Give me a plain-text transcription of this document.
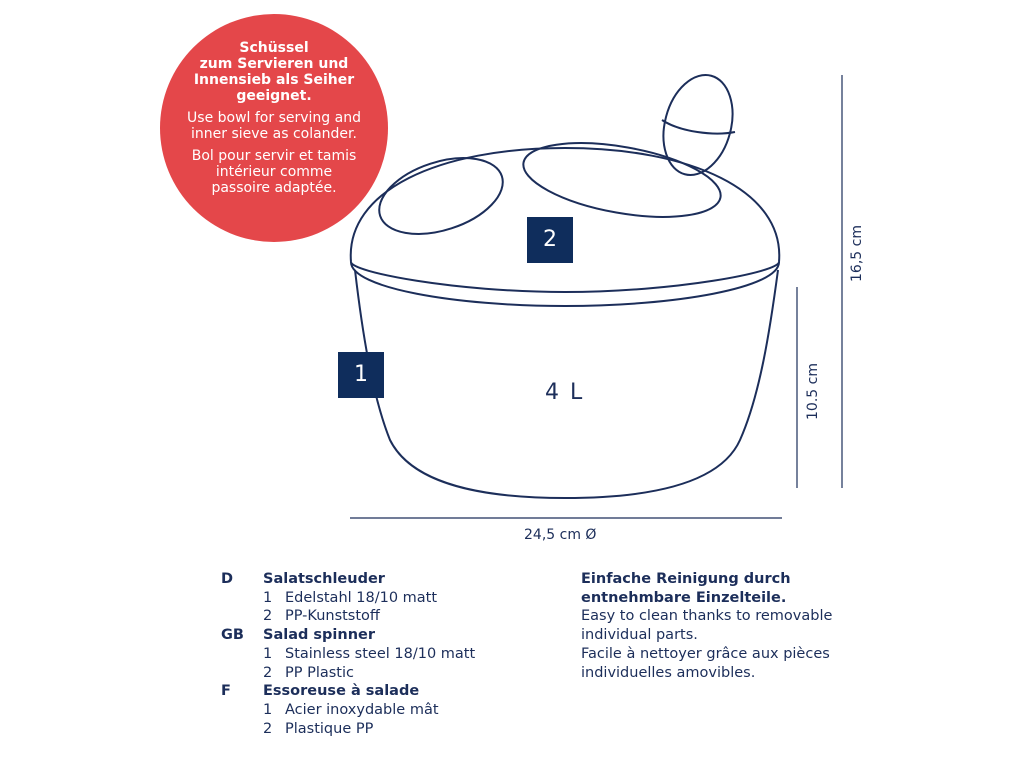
Schüssel
zum Servieren und
Innensieb als Seiher
geeignet.
Use bowl for serving and
inner sieve as colander.
Bol pour servir et tamis
intérieur comme
passoire adaptée.
2
1
4 L
16,5 cm
10.5 cm
24,5 cm Ø
D	Salatschleuder
1 Edelstahl 18/10 matt
2 PP-Kunststoff
GB	Salad spinner
1 Stainless steel 18/10 matt
2 PP Plastic
F	Essoreuse à salade
1 Acier inoxydable mât
2 Plastique PP
Einfache Reinigung durch
entnehmbare Einzelteile.
Easy to clean thanks to removable
individual parts.
Facile à nettoyer grâce aux pièces
individuelles amovibles.
